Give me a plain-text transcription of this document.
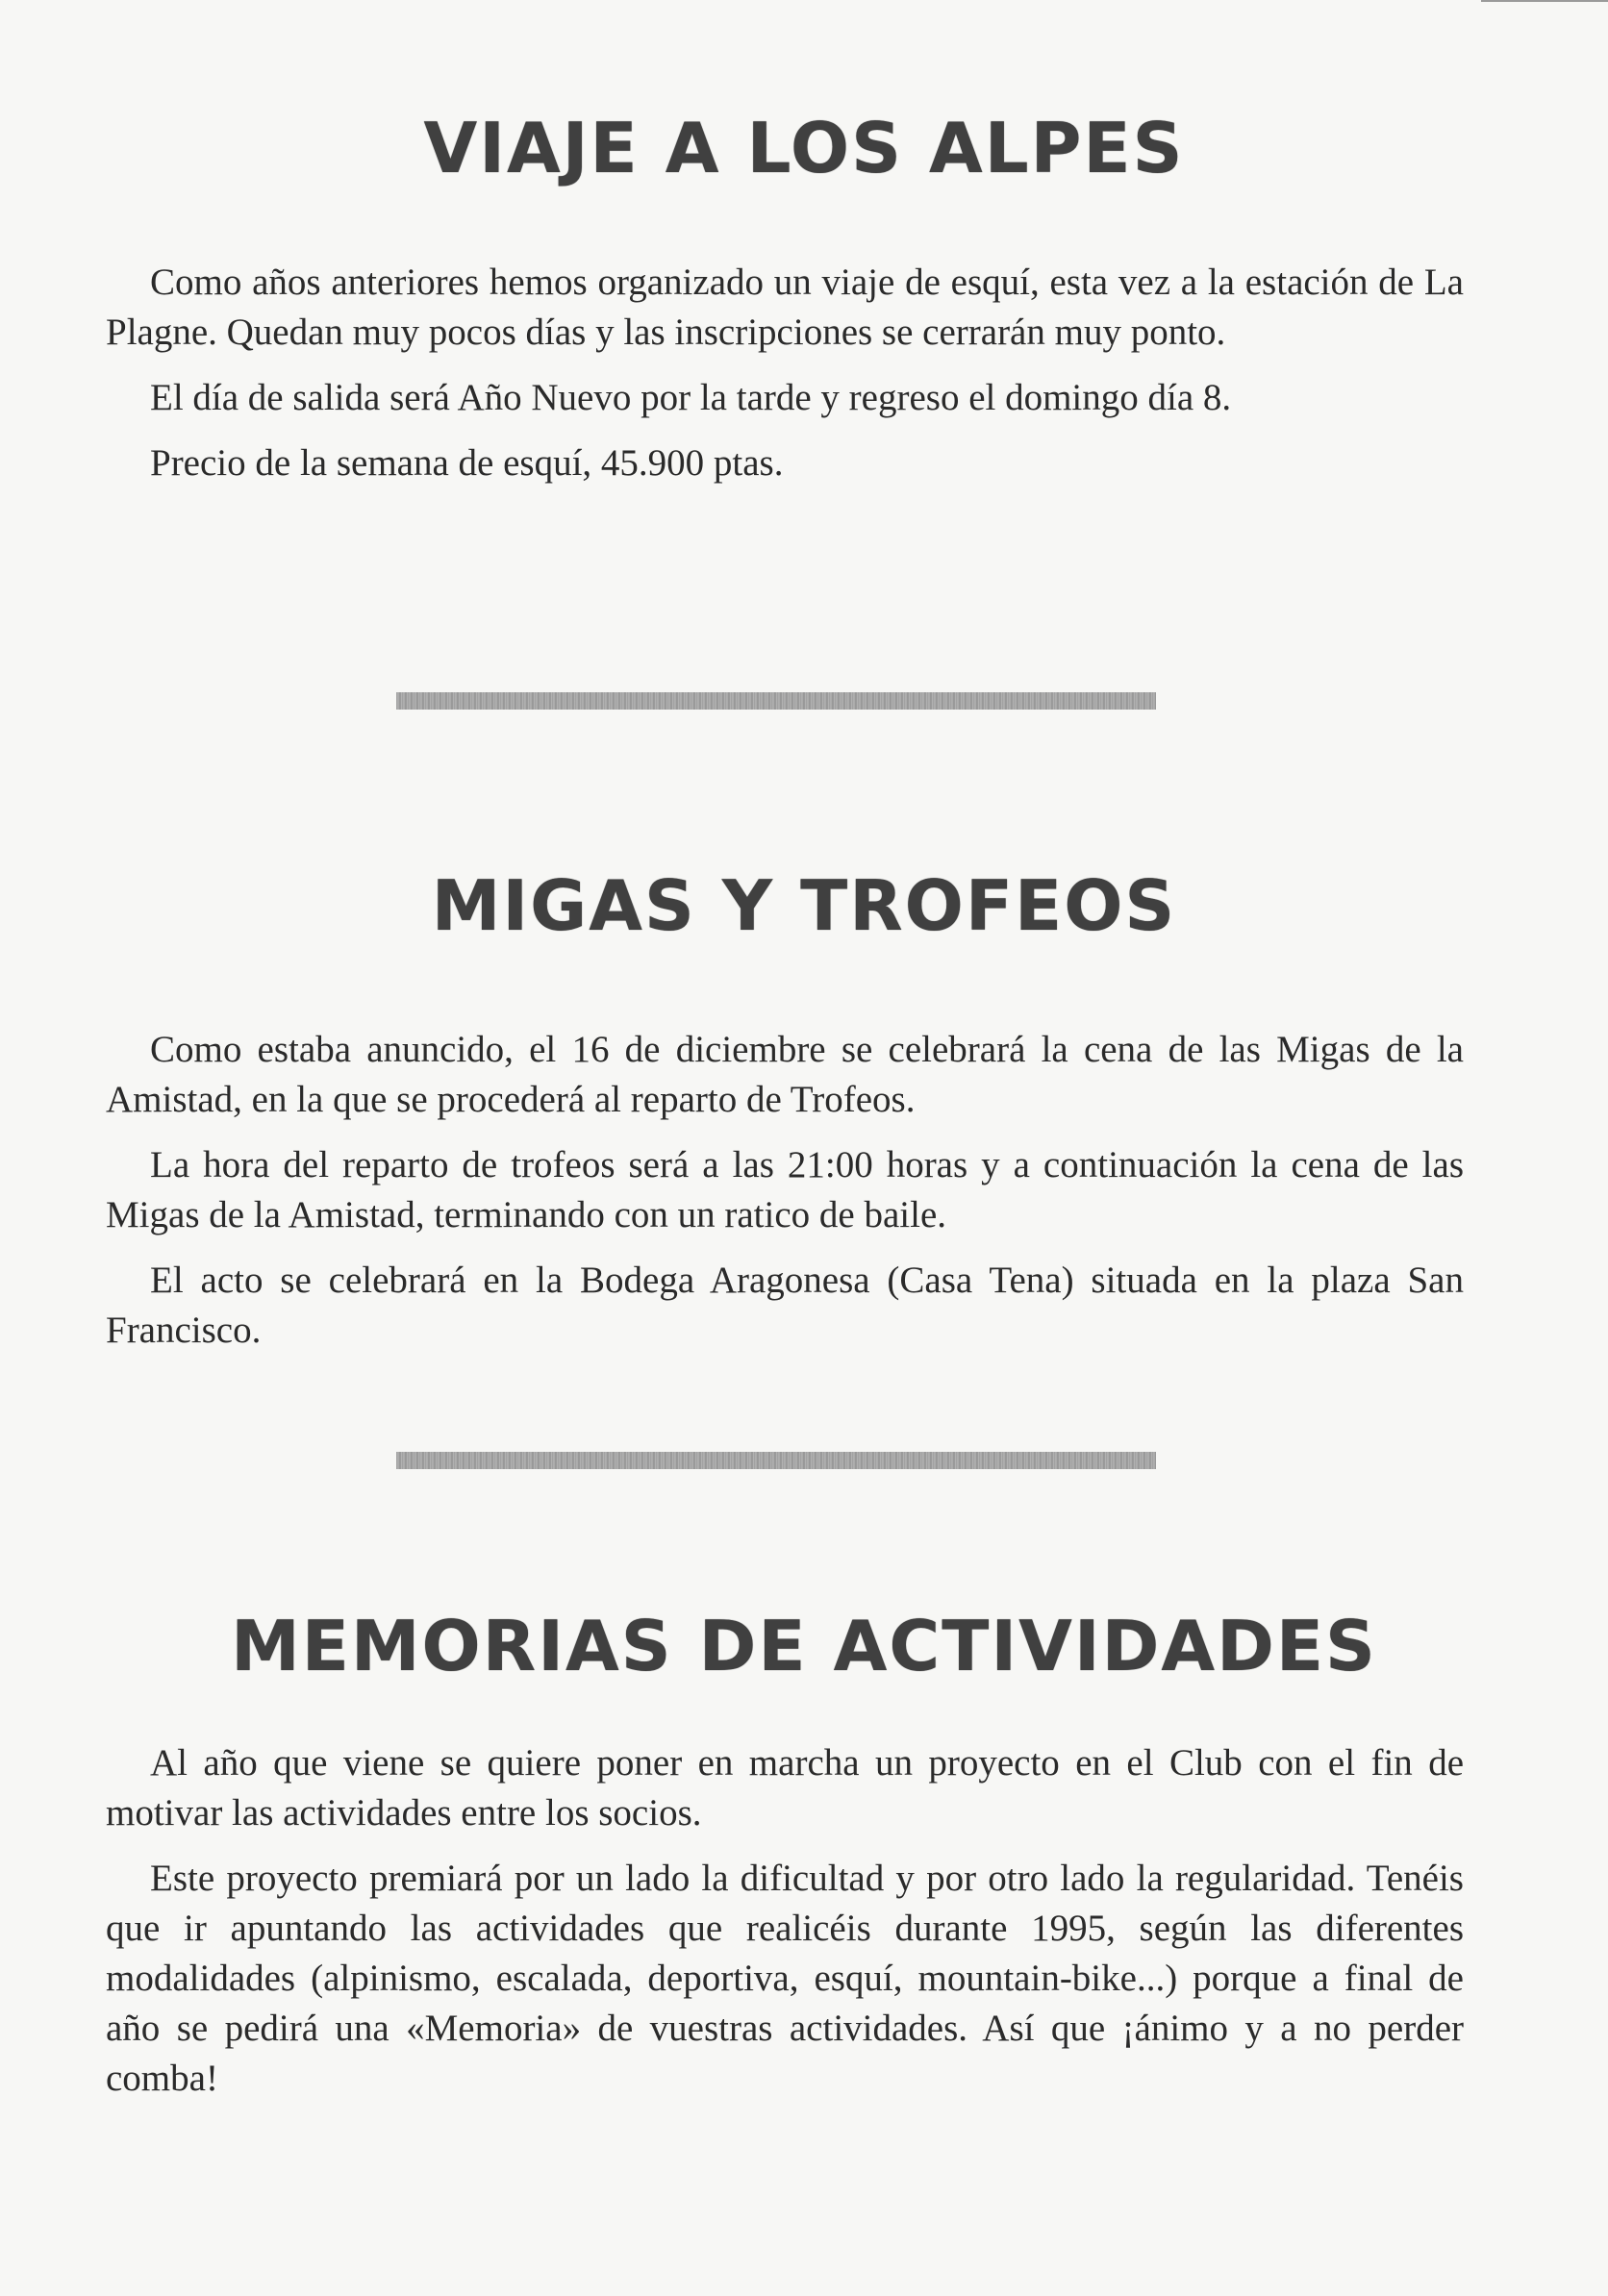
VIAJE A LOS ALPES

Como años anteriores hemos organizado un viaje de esquí, esta vez a la estación de La Plagne. Quedan muy pocos días y las inscripciones se cerrarán muy ponto.

El día de salida será Año Nuevo por la tarde y regreso el domingo día 8.

Precio de la semana de esquí, 45.900 ptas.

MIGAS Y TROFEOS

Como estaba anuncido, el 16 de diciembre se celebrará la cena de las Migas de la Amistad, en la que se procederá al reparto de Trofeos.

La hora del reparto de trofeos será a las 21:00 horas y a continuación la cena de las Migas de la Amistad, terminando con un ratico de baile.

El acto se celebrará en la Bodega Aragonesa (Casa Tena) situada en la plaza San Francisco.

MEMORIAS DE ACTIVIDADES

Al año que viene se quiere poner en marcha un proyecto en el Club con el fin de motivar las actividades entre los socios.

Este proyecto premiará por un lado la dificultad y por otro lado la regularidad. Tenéis que ir apuntando las actividades que realicéis durante 1995, según las diferentes modalidades (alpinismo, escalada, deportiva, esquí, mountain-bike...) porque a final de año se pedirá una «Memoria» de vuestras actividades. Así que ¡ánimo y a no perder comba!
